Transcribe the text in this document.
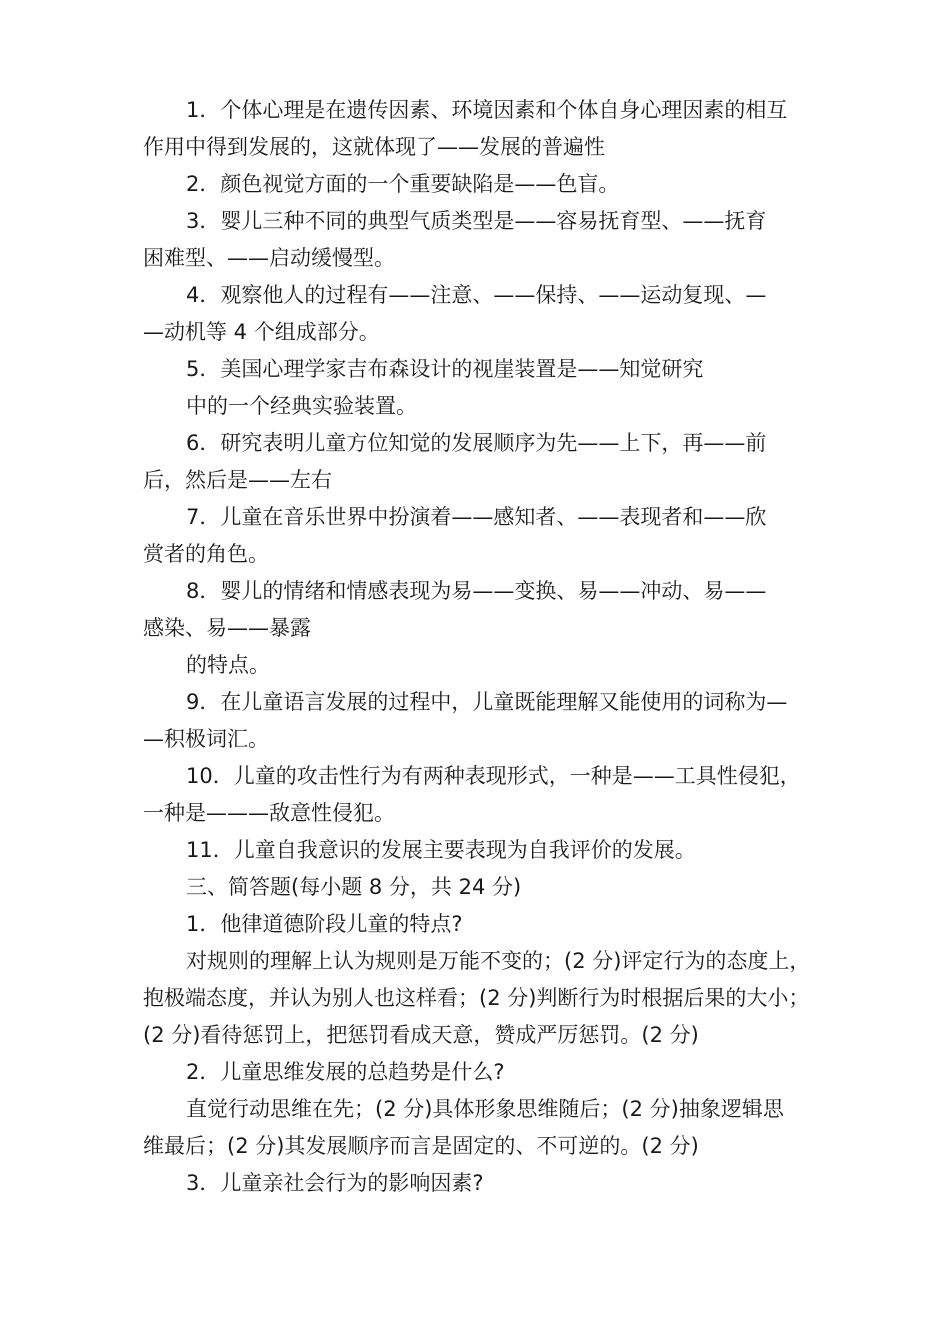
1．个体心理是在遗传因素、环境因素和个体自身心理因素的相互

作用中得到发展的，这就体现了——发展的普遍性

2．颜色视觉方面的一个重要缺陷是——色盲。

3．婴儿三种不同的典型气质类型是——容易抚育型、——抚育

困难型、——启动缓慢型。

4．观察他人的过程有——注意、——保持、——运动复现、—

—动机等 4 个组成部分。

5．美国心理学家吉布森设计的视崖装置是——知觉研究

中的一个经典实验装置。

6．研究表明儿童方位知觉的发展顺序为先——上下，再——前

后，然后是——左右

7．儿童在音乐世界中扮演着——感知者、——表现者和——欣

赏者的角色。

8．婴儿的情绪和情感表现为易——变换、易——冲动、易——

感染、易——暴露

的特点。

9．在儿童语言发展的过程中，儿童既能理解又能使用的词称为—

—积极词汇。

10．儿童的攻击性行为有两种表现形式，一种是——工具性侵犯，

一种是———敌意性侵犯。

11．儿童自我意识的发展主要表现为自我评价的发展。

三、简答题(每小题 8 分，共 24 分)

1．他律道德阶段儿童的特点?

对规则的理解上认为规则是万能不变的；(2 分)评定行为的态度上，

抱极端态度，并认为别人也这样看；(2 分)判断行为时根据后果的大小；

(2 分)看待惩罚上，把惩罚看成天意，赞成严厉惩罚。(2 分)

2．儿童思维发展的总趋势是什么?

直觉行动思维在先；(2 分)具体形象思维随后；(2 分)抽象逻辑思

维最后；(2 分)其发展顺序而言是固定的、不可逆的。(2 分)

3．儿童亲社会行为的影响因素?
